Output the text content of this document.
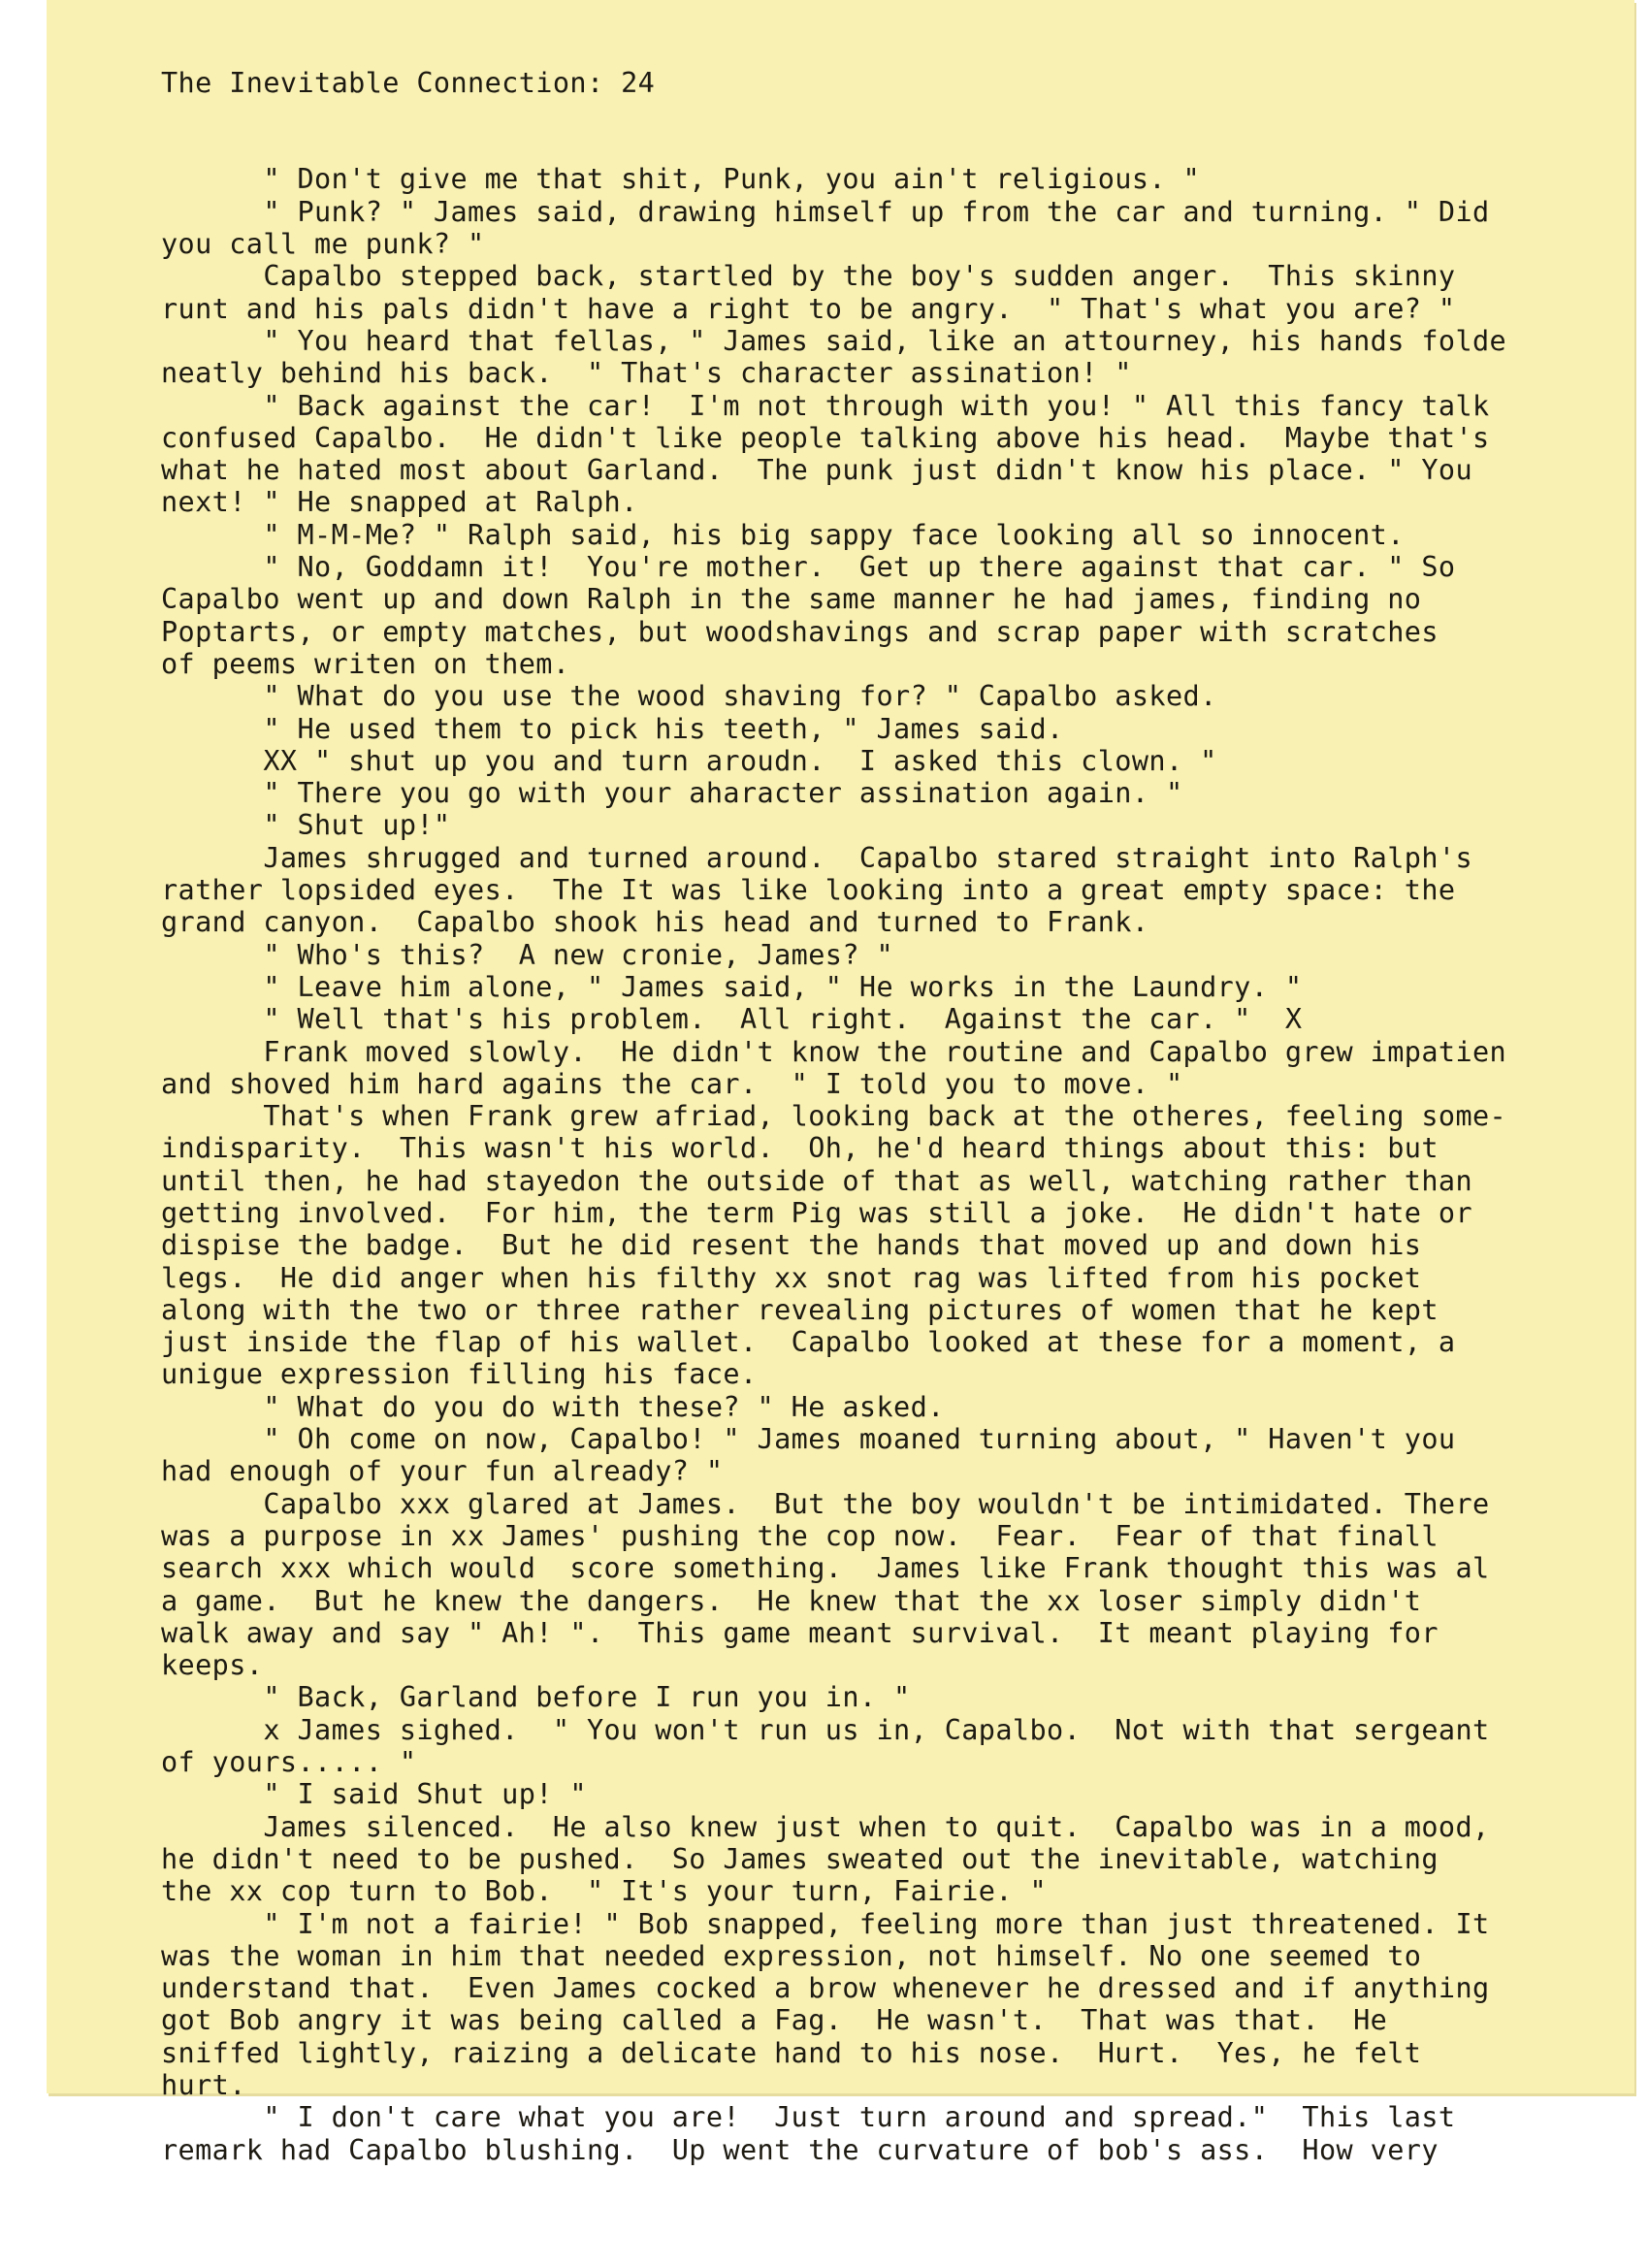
The Inevitable Connection: 24

" Don't give me that shit, Punk, you ain't religious. "
" Punk? " James said, drawing himself up from the car and turning. " Did
you call me punk? "
Capalbo stepped back, startled by the boy's sudden anger.  This skinny
runt and his pals didn't have a right to be angry.  " That's what you are? "
" You heard that fellas, " James said, like an attourney, his hands folde
neatly behind his back.  " That's character assination! "
" Back against the car!  I'm not through with you! " All this fancy talk
confused Capalbo.  He didn't like people talking above his head.  Maybe that's
what he hated most about Garland.  The punk just didn't know his place. " You
next! " He snapped at Ralph.
" M-M-Me? " Ralph said, his big sappy face looking all so innocent.
" No, Goddamn it!  You're mother.  Get up there against that car. " So
Capalbo went up and down Ralph in the same manner he had james, finding no
Poptarts, or empty matches, but woodshavings and scrap paper with scratches
of peems writen on them.
" What do you use the wood shaving for? " Capalbo asked.
" He used them to pick his teeth, " James said.
XX " shut up you and turn aroudn.  I asked this clown. "
" There you go with your aharacter assination again. "
" Shut up!"
James shrugged and turned around.  Capalbo stared straight into Ralph's
rather lopsided eyes.  The It was like looking into a great empty space: the
grand canyon.  Capalbo shook his head and turned to Frank.
" Who's this?  A new cronie, James? "
" Leave him alone, " James said, " He works in the Laundry. "
" Well that's his problem.  All right.  Against the car. "  X
Frank moved slowly.  He didn't know the routine and Capalbo grew impatien
and shoved him hard agains the car.  " I told you to move. "
That's when Frank grew afriad, looking back at the otheres, feeling some-
indisparity.  This wasn't his world.  Oh, he'd heard things about this: but
until then, he had stayedon the outside of that as well, watching rather than
getting involved.  For him, the term Pig was still a joke.  He didn't hate or
dispise the badge.  But he did resent the hands that moved up and down his
legs.  He did anger when his filthy xx snot rag was lifted from his pocket
along with the two or three rather revealing pictures of women that he kept
just inside the flap of his wallet.  Capalbo looked at these for a moment, a
unigue expression filling his face.
" What do you do with these? " He asked.
" Oh come on now, Capalbo! " James moaned turning about, " Haven't you
had enough of your fun already? "
Capalbo xxx glared at James.  But the boy wouldn't be intimidated. There
was a purpose in xx James' pushing the cop now.  Fear.  Fear of that finall
search xxx which would  score something.  James like Frank thought this was al
a game.  But he knew the dangers.  He knew that the xx loser simply didn't
walk away and say " Ah! ".  This game meant survival.  It meant playing for
keeps.
" Back, Garland before I run you in. "
x James sighed.  " You won't run us in, Capalbo.  Not with that sergeant
of yours..... "
" I said Shut up! "
James silenced.  He also knew just when to quit.  Capalbo was in a mood,
he didn't need to be pushed.  So James sweated out the inevitable, watching
the xx cop turn to Bob.  " It's your turn, Fairie. "
" I'm not a fairie! " Bob snapped, feeling more than just threatened. It
was the woman in him that needed expression, not himself. No one seemed to
understand that.  Even James cocked a brow whenever he dressed and if anything
got Bob angry it was being called a Fag.  He wasn't.  That was that.  He
sniffed lightly, raizing a delicate hand to his nose.  Hurt.  Yes, he felt
hurt.
" I don't care what you are!  Just turn around and spread."  This last
remark had Capalbo blushing.  Up went the curvature of bob's ass.  How very
